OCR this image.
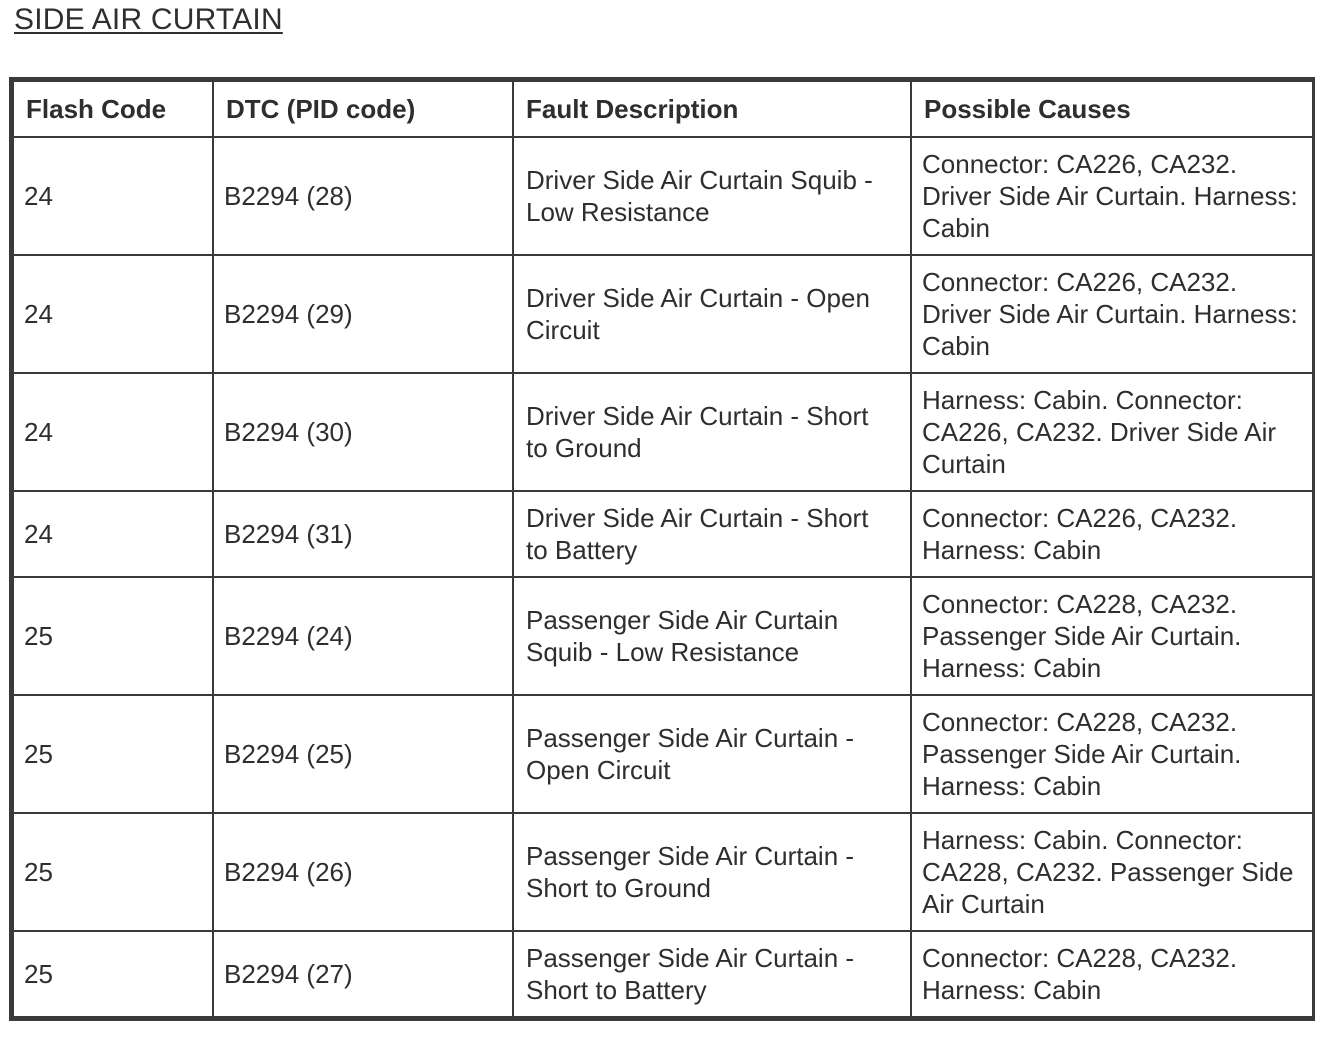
SIDE AIR CURTAIN
Flash Code	DTC (PID code)	Fault Description	Possible Causes
24	B2294 (28)	Driver Side Air Curtain Squib - Low Resistance	Connector: CA226, CA232. Driver Side Air Curtain. Harness: Cabin
24	B2294 (29)	Driver Side Air Curtain - Open Circuit	Connector: CA226, CA232. Driver Side Air Curtain. Harness: Cabin
24	B2294 (30)	Driver Side Air Curtain - Short to Ground	Harness: Cabin. Connector: CA226, CA232. Driver Side Air Curtain
24	B2294 (31)	Driver Side Air Curtain - Short to Battery	Connector: CA226, CA232. Harness: Cabin
25	B2294 (24)	Passenger Side Air Curtain Squib - Low Resistance	Connector: CA228, CA232. Passenger Side Air Curtain. Harness: Cabin
25	B2294 (25)	Passenger Side Air Curtain - Open Circuit	Connector: CA228, CA232. Passenger Side Air Curtain. Harness: Cabin
25	B2294 (26)	Passenger Side Air Curtain - Short to Ground	Harness: Cabin. Connector: CA228, CA232. Passenger Side Air Curtain
25	B2294 (27)	Passenger Side Air Curtain - Short to Battery	Connector: CA228, CA232. Harness: Cabin
